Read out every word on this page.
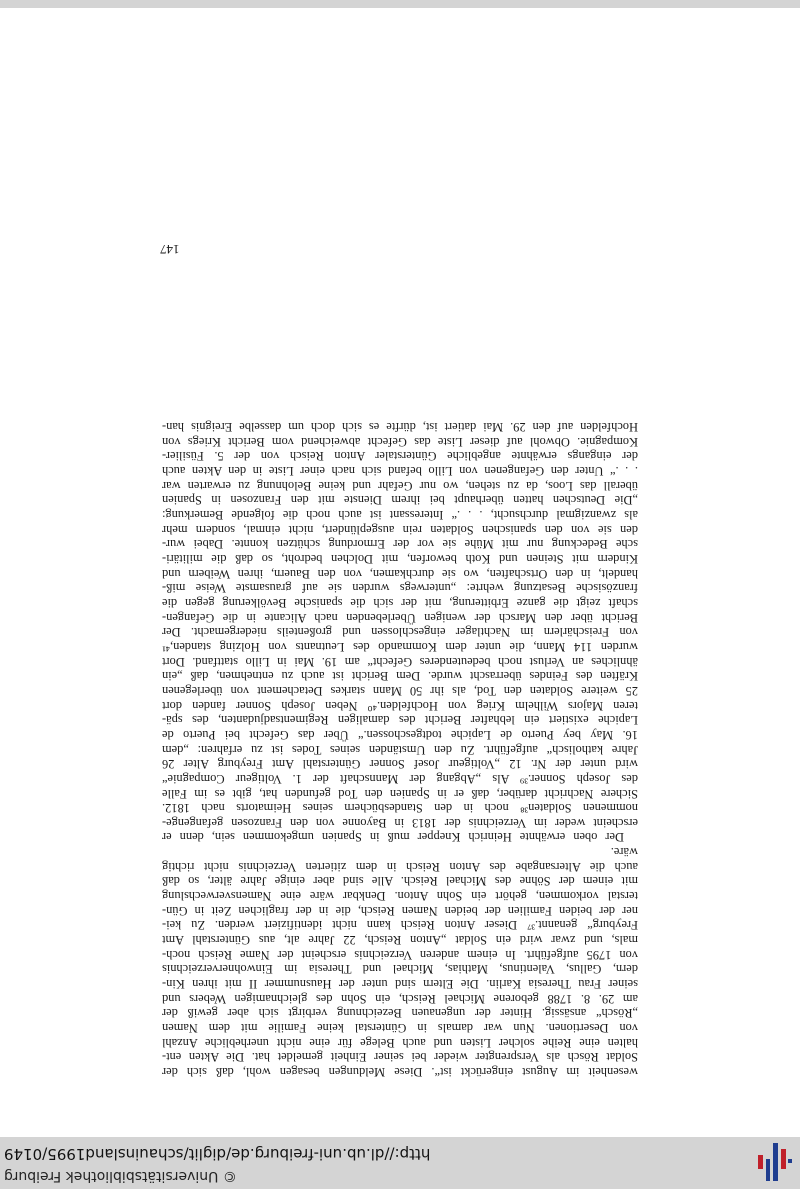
© Universitätsbibliothek Freiburg
http://dl.ub.uni-freiburg.de/diglit/schauinsland1995/0149
wesenheit im August eingerückt ist“. Diese Meldungen besagen wohl, daß sich der
Soldat Rösch als Versprengter wieder bei seiner Einheit gemeldet hat. Die Akten ent-
halten eine Reihe solcher Listen und auch Belege für eine nicht unerhebliche Anzahl
von Desertionen. Nun war damals in Günterstal keine Familie mit dem Namen
„Rösch“ ansässig. Hinter der ungenauen Bezeichnung verbirgt sich aber gewiß der
am 29. 8. 1788 geborene Michael Reisch, ein Sohn des gleichnamigen Webers und
seiner Frau Theresia Karlin. Die Eltern sind unter der Hausnummer II mit ihren Kin-
dern, Gallus, Valentinus, Mathias, Michael und Theresia im Einwohnerverzeichnis
von 1795 aufgeführt. In einem anderen Verzeichnis erscheint der Name Reisch noch-
mals, und zwar wird ein Soldat „Anton Reisch, 22 Jahre alt, aus Günterstahl Amt
Freyburg“ genannt.³⁷ Dieser Anton Reisch kann nicht identifiziert werden. Zu kei-
ner der beiden Familien der beiden Namen Reisch, die in der fraglichen Zeit in Gün-
terstal vorkommen, gehört ein Sohn Anton. Denkbar wäre eine Namensverwechslung
mit einem der Söhne des Michael Reisch. Alle sind aber einige Jahre älter, so daß
auch die Altersangabe des Anton Reisch in dem zitierten Verzeichnis nicht richtig
wäre.
Der oben erwähnte Heinrich Knepper muß in Spanien umgekommen sein, denn er
erscheint weder im Verzeichnis der 1813 in Bayonne von den Franzosen gefangenge-
nommenen Soldaten³⁸ noch in den Standesbüchern seines Heimatorts nach 1812.
Sichere Nachricht darüber, daß er in Spanien den Tod gefunden hat, gibt es im Falle
des Joseph Sonner.³⁹ Als „Abgang der Mannschaft der 1. Voltigeur Compagnie“
wird unter der Nr. 12 „Voltigeur Josef Sonner Günterstahl Amt Freyburg Alter 26
Jahre katholisch“ aufgeführt. Zu den Umständen seines Todes ist zu erfahren: „dem
16. May bey Puerto de Lapiche todtgeschossen.“ Über das Gefecht bei Puerto de
Lapiche existiert ein lebhafter Bericht des damaligen Regimentsadjudanten, des spä-
teren Majors Wilhelm Krieg von Hochfelden.⁴⁰ Neben Joseph Sonner fanden dort
25 weitere Soldaten den Tod, als ihr 50 Mann starkes Detachement von überlegenen
Kräften des Feindes überrascht wurde. Dem Bericht ist auch zu entnehmen, daß „ein
ähnliches an Verlust noch bedeutenderes Gefecht“ am 19. Mai in Lillo stattfand. Dort
wurden 114 Mann, die unter dem Kommando des Leutnants von Holzing standen,⁴¹
von Freischärlern im Nachtlager eingeschlossen und großenteils niedergemacht. Der
Bericht über den Marsch der wenigen Überlebenden nach Alicante in die Gefangen-
schaft zeigt die ganze Erbitterung, mit der sich die spanische Bevölkerung gegen die
französische Besatzung wehrte: „unterwegs wurden sie auf grausamste Weise miß-
handelt, in den Ortschaften, wo sie durchkamen, von den Bauern, ihren Weibern und
Kindern mit Steinen und Koth beworfen, mit Dolchen bedroht, so daß die militäri-
sche Bedeckung nur mit Mühe sie vor der Ermordung schützen konnte. Dabei wur-
den sie von den spanischen Soldaten rein ausgeplündert, nicht einmal, sondern mehr
als zwanzigmal durchsucht, . . .“ Interessant ist auch noch die folgende Bemerkung:
„Die Deutschen hatten überhaupt bei ihrem Dienste mit den Franzosen in Spanien
überall das Loos, da zu stehen, wo nur Gefahr und keine Belohnung zu erwarten war
. . .“ Unter den Gefangenen von Lillo befand sich nach einer Liste in den Akten auch
der eingangs erwähnte angebliche Günterstaler Anton Reisch von der 5. Füsilier-
Kompagnie. Obwohl auf dieser Liste das Gefecht abweichend vom Bericht Kriegs von
Hochfelden auf den 29. Mai datiert ist, dürfte es sich doch um dasselbe Ereignis han-
147
